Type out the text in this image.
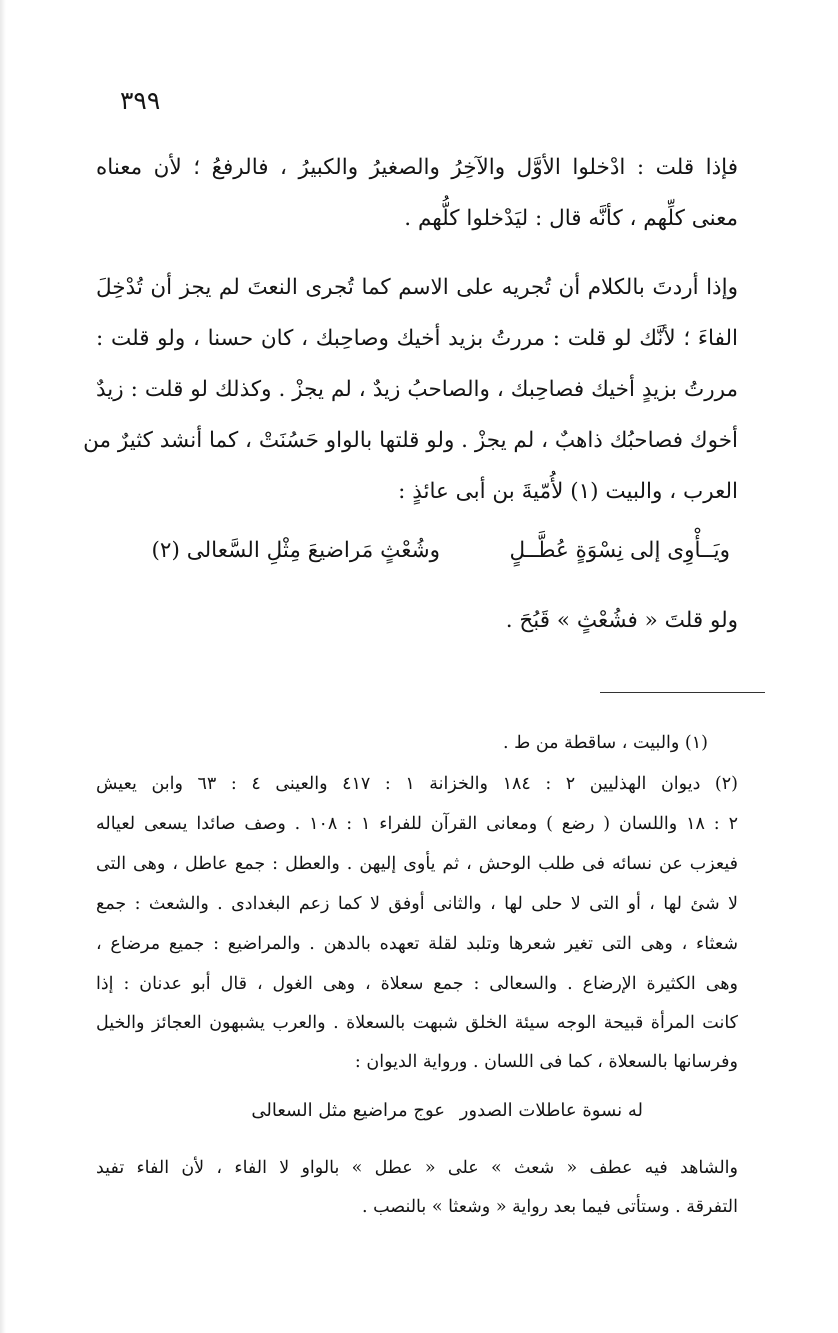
٣٩٩
فإذا قلت : ادْخلوا الأوَّل والآخِرُ والصغيرُ والكبيرُ ، فالرفعُ ؛ لأن معناه
معنى كلِّهم ، كأنَّه قال : ليَدْخلوا كلُّهم .
وإذا أردتَ بالكلام أن تُجريه على الاسم كما تُجرى النعتَ لم يجز أن تُدْخِلَ
الفاءَ ؛ لأنَّك لو قلت : مررتُ بزيد أخيك وصاحِبك ، كان حسنا ، ولو قلت :
مررتُ بزيدٍ أخيك فصاحِبك ، والصاحبُ زيدٌ ، لم يجزْ . وكذلك لو قلت : زيدٌ
أخوك فصاحبُك ذاهبٌ ، لم يجزْ . ولو قلتها بالواو حَسُنَتْ ، كما أنشد كثيرٌ من
العرب ، والبيت (١) لأُمّيةَ بن أبى عائذٍ :
ويَــأْوِى إلى نِسْوَةٍ عُطَّــلٍ
وشُعْثٍ مَراضيعَ مِثْلِ السَّعالى (٢)
ولو قلتَ « فشُعْثٍ » قَبُحَ .
(١) والبيت ، ساقطة من ط .
(٢) ديوان الهذليين ٢ : ١٨٤ والخزانة ١ : ٤١٧ والعينى ٤ : ٦٣ وابن يعيش
٢ : ١٨ واللسان ( رضع ) ومعانى القرآن للفراء ١ : ١٠٨ . وصف صائدا يسعى لعياله
فيعزب عن نسائه فى طلب الوحش ، ثم يأوى إليهن . والعطل : جمع عاطل ، وهى التى
لا شئ لها ، أو التى لا حلى لها ، والثانى أوفق لا كما زعم البغدادى . والشعث : جمع
شعثاء ، وهى التى تغير شعرها وتلبد لقلة تعهده بالدهن . والمراضيع : جميع مرضاع ،
وهى الكثيرة الإرضاع . والسعالى : جمع سعلاة ، وهى الغول ، قال أبو عدنان : إذا
كانت المرأة قبيحة الوجه سيئة الخلق شبهت بالسعلاة . والعرب يشبهون العجائز والخيل
وفرسانها بالسعلاة ، كما فى اللسان . ورواية الديوان :
له نسوة عاطلات الصدور
عوج مراضيع مثل السعالى
والشاهد فيه عطف « شعث » على « عطل » بالواو لا الفاء ، لأن الفاء تفيد
التفرقة . وستأتى فيما بعد رواية « وشعثا » بالنصب .
